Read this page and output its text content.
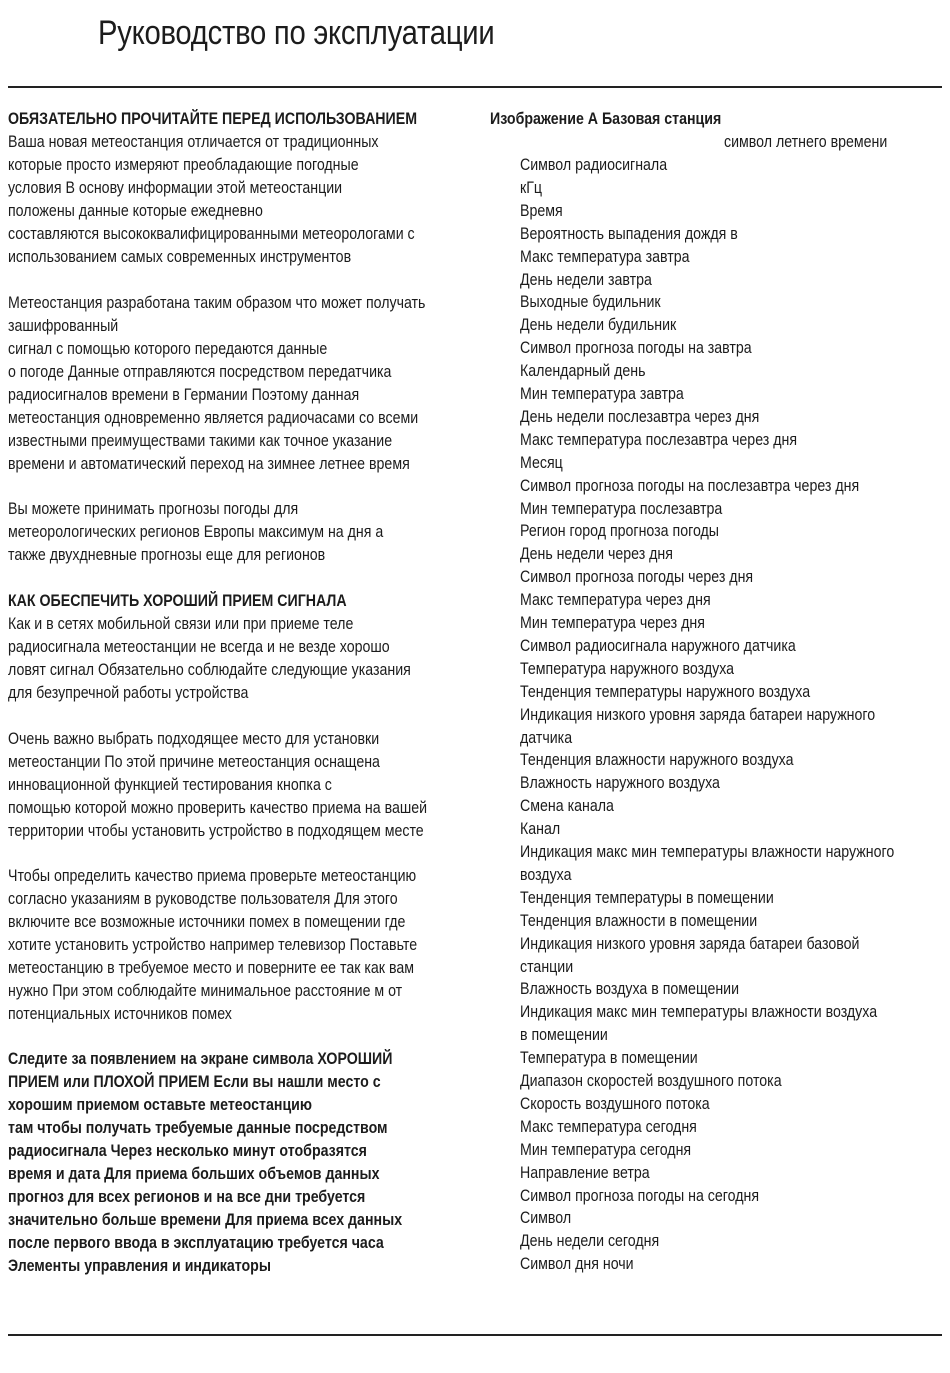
Руководство по эксплуатации
ОБЯЗАТЕЛЬНО ПРОЧИТАЙТЕ ПЕРЕД ИСПОЛЬЗОВАНИЕМ
Ваша новая метеостанция отличается от традиционных
которые просто измеряют преобладающие погодные
условия В основу информации этой метеостанции
положены данные которые ежедневно
составляются высококвалифицированными метеорологами с
использованием самых современных инструментов
Метеостанция разработана таким образом что может получать
зашифрованный
сигнал с помощью которого передаются данные
о погоде Данные отправляются посредством передатчика
радиосигналов времени в Германии Поэтому данная
метеостанция одновременно является радиочасами со всеми
известными преимуществами такими как точное указание
времени и автоматический переход на зимнее летнее время
Вы можете принимать прогнозы погоды для
метеорологических регионов Европы максимум на дня а
также двухдневные прогнозы еще для регионов
КАК ОБЕСПЕЧИТЬ ХОРОШИЙ ПРИЕМ СИГНАЛА
Как и в сетях мобильной связи или при приеме теле
радиосигнала метеостанции не всегда и не везде хорошо
ловят сигнал Обязательно соблюдайте следующие указания
для безупречной работы устройства
Очень важно выбрать подходящее место для установки
метеостанции По этой причине метеостанция оснащена
инновационной функцией тестирования кнопка с
помощью которой можно проверить качество приема на вашей
территории чтобы установить устройство в подходящем месте
Чтобы определить качество приема проверьте метеостанцию
согласно указаниям в руководстве пользователя Для этого
включите все возможные источники помех в помещении где
хотите установить устройство например телевизор Поставьте
метеостанцию в требуемое место и поверните ее так как вам
нужно При этом соблюдайте минимальное расстояние м от
потенциальных источников помех
Следите за появлением на экране символа ХОРОШИЙ
ПРИЕМ или ПЛОХОЙ ПРИЕМ Если вы нашли место с
хорошим приемом оставьте метеостанцию
там чтобы получать требуемые данные посредством
радиосигнала Через несколько минут отобразятся
время и дата Для приема больших объемов данных
прогноз для всех регионов и на все дни требуется
значительно больше времени Для приема всех данных
после первого ввода в эксплуатацию требуется часа
Элементы управления и индикаторы
Изображение А Базовая станция
символ летнего времени
Символ радиосигнала
кГц
Время
Вероятность выпадения дождя в
Макс температура завтра
День недели завтра
Выходные будильник
День недели будильник
Символ прогноза погоды на завтра
Календарный день
Мин температура завтра
День недели послезавтра через дня
Макс температура послезавтра через дня
Месяц
Символ прогноза погоды на послезавтра через дня
Мин температура послезавтра
Регион город прогноза погоды
День недели через дня
Символ прогноза погоды через дня
Макс температура через дня
Мин температура через дня
Символ радиосигнала наружного датчика
Температура наружного воздуха
Тенденция температуры наружного воздуха
Индикация низкого уровня заряда батареи наружного
датчика
Тенденция влажности наружного воздуха
Влажность наружного воздуха
Смена канала
Канал
Индикация макс мин температуры влажности наружного
воздуха
Тенденция температуры в помещении
Тенденция влажности в помещении
Индикация низкого уровня заряда батареи базовой
станции
Влажность воздуха в помещении
Индикация макс мин температуры влажности воздуха
в помещении
Температура в помещении
Диапазон скоростей воздушного потока
Скорость воздушного потока
Макс температура сегодня
Мин температура сегодня
Направление ветра
Символ прогноза погоды на сегодня
Символ
День недели сегодня
Символ дня ночи
